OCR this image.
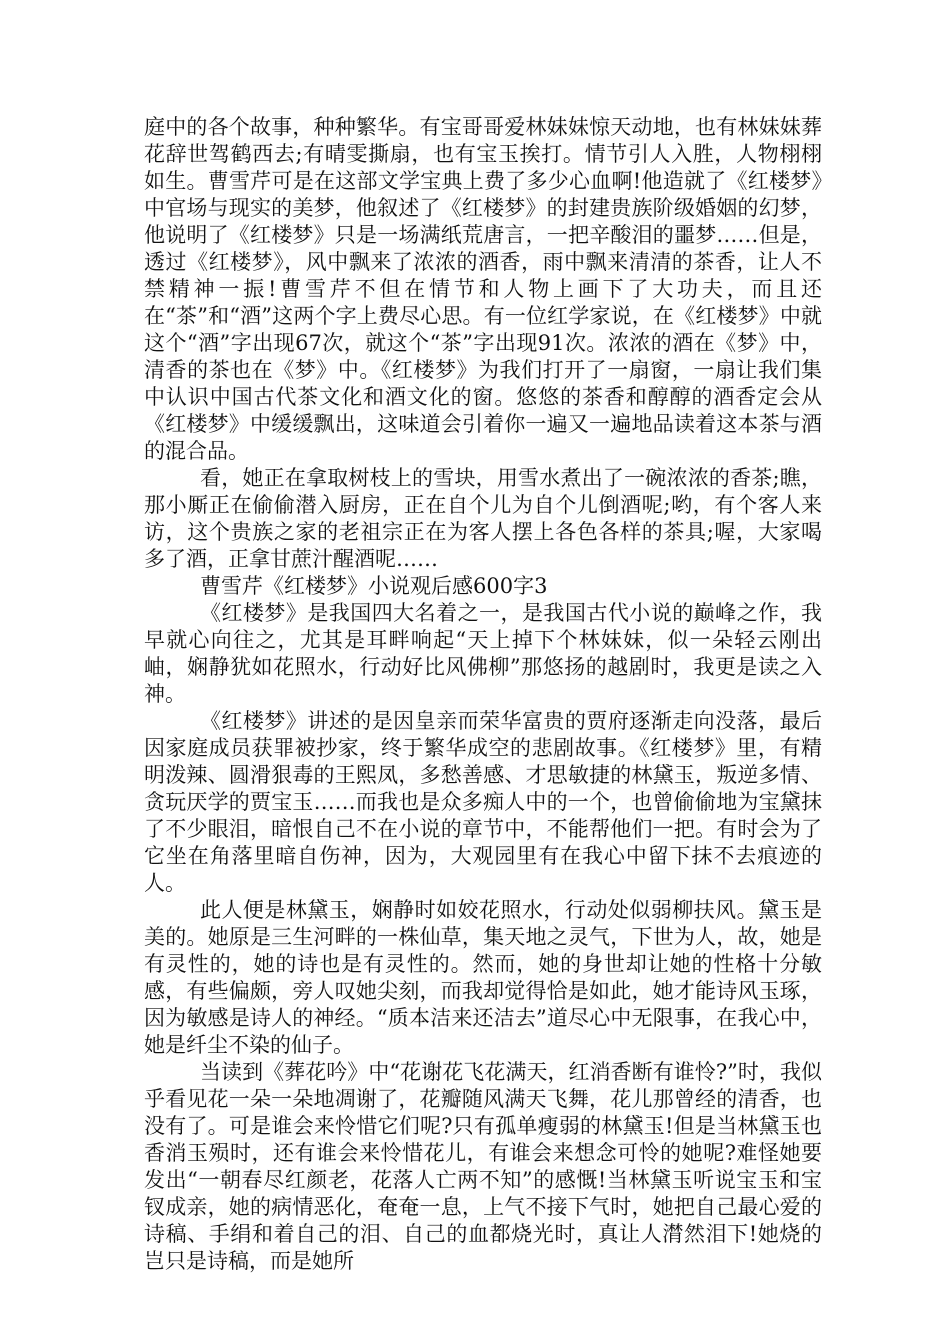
庭中的各个故事，种种繁华。有宝哥哥爱林妹妹惊天动地，也有林妹妹葬花辞世驾鹤西去;有晴雯撕扇，也有宝玉挨打。情节引人入胜，人物栩栩如生。曹雪芹可是在这部文学宝典上费了多少心血啊!他造就了《红楼梦》中官场与现实的美梦，他叙述了《红楼梦》的封建贵族阶级婚姻的幻梦，他说明了《红楼梦》只是一场满纸荒唐言，一把辛酸泪的噩梦……但是，透过《红楼梦》，风中飘来了浓浓的酒香，雨中飘来清清的茶香，让人不禁精神一振!曹雪芹不但在情节和人物上画下了大功夫，而且还在“茶”和“酒”这两个字上费尽心思。有一位红学家说，在《红楼梦》中就这个“酒”字出现67次，就这个“茶”字出现91次。浓浓的酒在《梦》中，清香的茶也在《梦》中。《红楼梦》为我们打开了一扇窗，一扇让我们集中认识中国古代茶文化和酒文化的窗。悠悠的茶香和醇醇的酒香定会从《红楼梦》中缓缓飘出，这味道会引着你一遍又一遍地品读着这本茶与酒的混合品。

看，她正在拿取树枝上的雪块，用雪水煮出了一碗浓浓的香茶;瞧，那小厮正在偷偷潜入厨房，正在自个儿为自个儿倒酒呢;哟，有个客人来访，这个贵族之家的老祖宗正在为客人摆上各色各样的茶具;喔，大家喝多了酒，正拿甘蔗汁醒酒呢……

曹雪芹《红楼梦》小说观后感600字3

《红楼梦》是我国四大名着之一，是我国古代小说的巅峰之作，我早就心向往之，尤其是耳畔响起“天上掉下个林妹妹，似一朵轻云刚出岫，娴静犹如花照水，行动好比风佛柳”那悠扬的越剧时，我更是读之入神。

《红楼梦》讲述的是因皇亲而荣华富贵的贾府逐渐走向没落，最后因家庭成员获罪被抄家，终于繁华成空的悲剧故事。《红楼梦》里，有精明泼辣、圆滑狠毒的王熙凤，多愁善感、才思敏捷的林黛玉，叛逆多情、贪玩厌学的贾宝玉……而我也是众多痴人中的一个，也曾偷偷地为宝黛抹了不少眼泪，暗恨自己不在小说的章节中，不能帮他们一把。有时会为了它坐在角落里暗自伤神，因为，大观园里有在我心中留下抹不去痕迹的人。

此人便是林黛玉，娴静时如姣花照水，行动处似弱柳扶风。黛玉是美的。她原是三生河畔的一株仙草，集天地之灵气，下世为人，故，她是有灵性的，她的诗也是有灵性的。然而，她的身世却让她的性格十分敏感，有些偏颇，旁人叹她尖刻，而我却觉得恰是如此，她才能诗风玉琢，因为敏感是诗人的神经。“质本洁来还洁去”道尽心中无限事，在我心中，她是纤尘不染的仙子。

当读到《葬花吟》中“花谢花飞花满天，红消香断有谁怜?”时，我似乎看见花一朵一朵地凋谢了，花瓣随风满天飞舞，花儿那曾经的清香，也没有了。可是谁会来怜惜它们呢?只有孤单瘦弱的林黛玉!但是当林黛玉也香消玉殒时，还有谁会来怜惜花儿，有谁会来想念可怜的她呢?难怪她要发出“一朝春尽红颜老，花落人亡两不知”的感慨!当林黛玉听说宝玉和宝钗成亲，她的病情恶化，奄奄一息，上气不接下气时，她把自己最心爱的诗稿、手绢和着自己的泪、自己的血都烧光时，真让人潸然泪下!她烧的岂只是诗稿，而是她所
